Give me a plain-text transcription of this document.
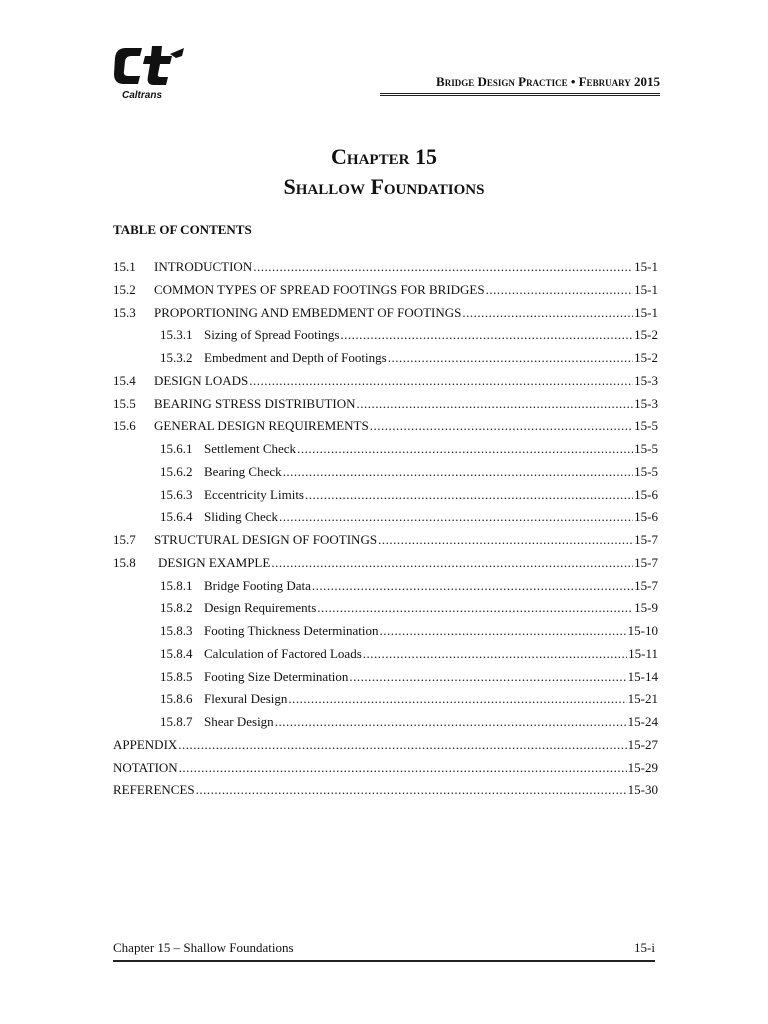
Caltrans
Bridge Design Practice • February 2015
Chapter 15
Shallow Foundations
TABLE OF CONTENTS
15.1	INTRODUCTION .....	15-1
15.2	COMMON TYPES OF SPREAD FOOTINGS FOR BRIDGES .....	15-1
15.3	PROPORTIONING AND EMBEDMENT OF FOOTINGS .....	15-1
15.3.1 Sizing of Spread Footings .....	15-2
15.3.2 Embedment and Depth of Footings .....	15-2
15.4	DESIGN LOADS .....	15-3
15.5	BEARING STRESS DISTRIBUTION .....	15-3
15.6	GENERAL DESIGN REQUIREMENTS .....	15-5
15.6.1 Settlement Check .....	15-5
15.6.2 Bearing Check .....	15-5
15.6.3 Eccentricity Limits .....	15-6
15.6.4 Sliding Check .....	15-6
15.7	STRUCTURAL DESIGN OF FOOTINGS .....	15-7
15.8	DESIGN EXAMPLE .....	15-7
15.8.1 Bridge Footing Data .....	15-7
15.8.2 Design Requirements .....	15-9
15.8.3 Footing Thickness Determination .....	15-10
15.8.4 Calculation of Factored Loads .....	15-11
15.8.5 Footing Size Determination .....	15-14
15.8.6 Flexural Design .....	15-21
15.8.7 Shear Design .....	15-24
APPENDIX .....	15-27
NOTATION .....	15-29
REFERENCES .....	15-30
Chapter 15 – Shallow Foundations	15-i
